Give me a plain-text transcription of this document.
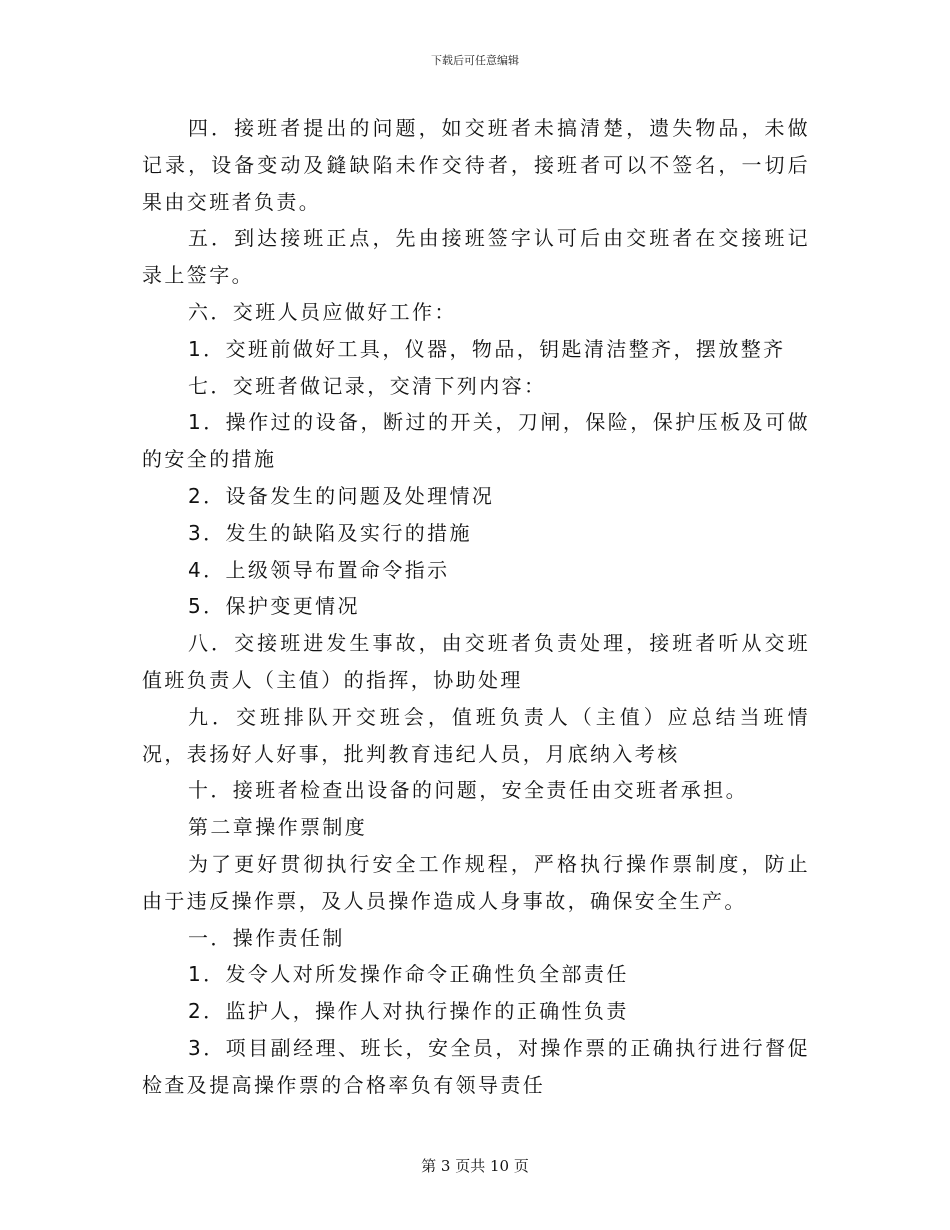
下载后可任意编辑

四．接班者提出的问题，如交班者未搞清楚，遗失物品，未做记录，设备变动及鏠缺陷未作交待者，接班者可以不签名，一切后果由交班者负责。

五．到达接班正点，先由接班签字认可后由交班者在交接班记录上签字。

六．交班人员应做好工作：

1．交班前做好工具，仪器，物品，钥匙清洁整齐，摆放整齐

七．交班者做记录，交清下列内容：

1．操作过的设备，断过的开关，刀闸，保险，保护压板及可做的安全的措施

2．设备发生的问题及处理情况

3．发生的缺陷及实行的措施

4．上级领导布置命令指示

5．保护变更情况

八．交接班进发生事故，由交班者负责处理，接班者听从交班值班负责人（主值）的指挥，协助处理

九．交班排队开交班会，值班负责人（主值）应总结当班情况，表扬好人好事，批判教育违纪人员，月底纳入考核

十．接班者检查出设备的问题，安全责任由交班者承担。

第二章操作票制度

为了更好贯彻执行安全工作规程，严格执行操作票制度，防止由于违反操作票，及人员操作造成人身事故，确保安全生产。

一．操作责任制

1．发令人对所发操作命令正确性负全部责任

2．监护人，操作人对执行操作的正确性负责

3．项目副经理、班长，安全员，对操作票的正确执行进行督促检查及提高操作票的合格率负有领导责任

第 3 页共 10 页
